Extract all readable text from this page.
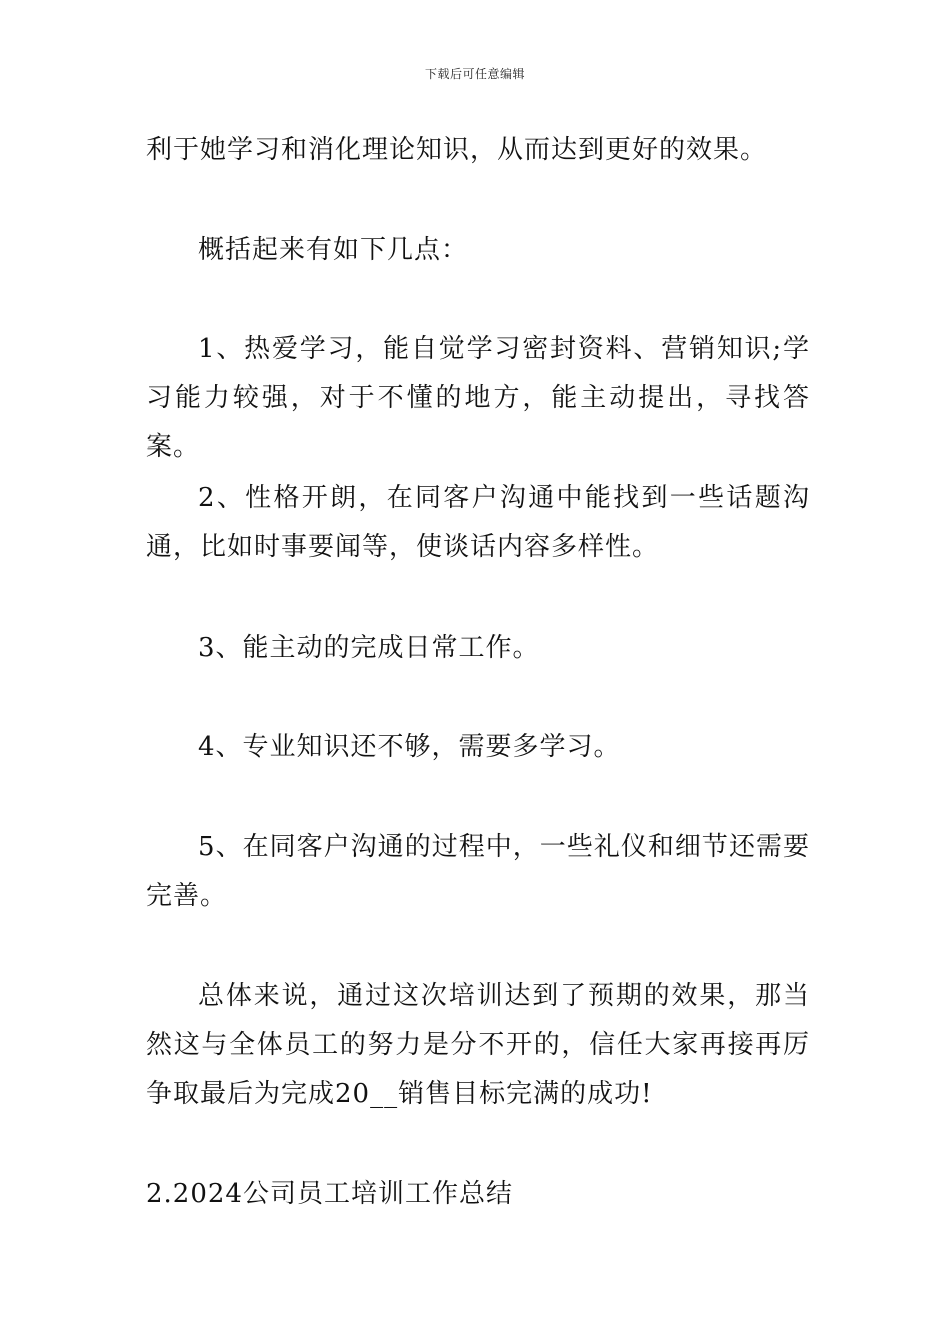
下载后可任意编辑

利于她学习和消化理论知识，从而达到更好的效果。

概括起来有如下几点：

1、热爱学习，能自觉学习密封资料、营销知识;学习能力较强，对于不懂的地方，能主动提出，寻找答案。

2、性格开朗，在同客户沟通中能找到一些话题沟通，比如时事要闻等，使谈话内容多样性。

3、能主动的完成日常工作。

4、专业知识还不够，需要多学习。

5、在同客户沟通的过程中，一些礼仪和细节还需要完善。

总体来说，通过这次培训达到了预期的效果，那当然这与全体员工的努力是分不开的，信任大家再接再厉争取最后为完成20__销售目标完满的成功!

2.2024公司员工培训工作总结
